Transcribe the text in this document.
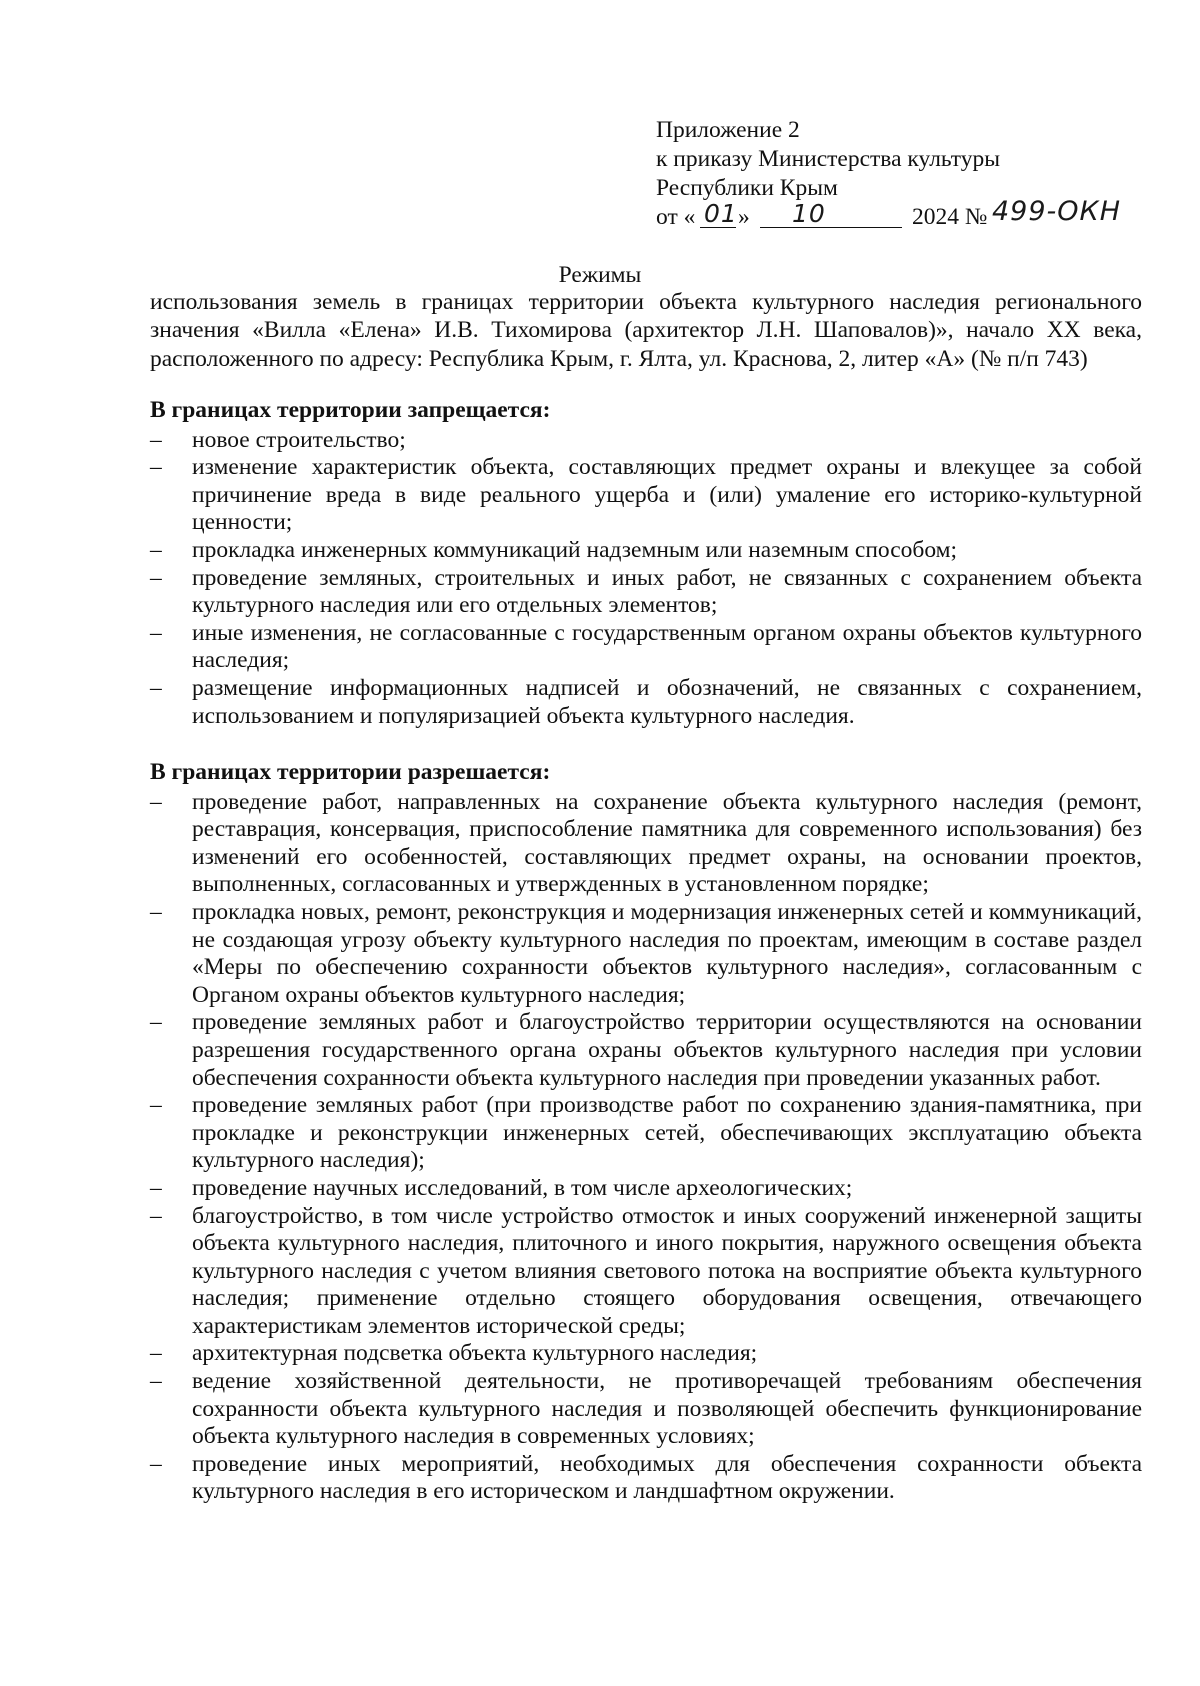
Приложение 2
к приказу Министерства культуры
Республики Крым
от « 01 » 10	2024 № 499-ОКН
Режимы
использования земель в границах территории объекта культурного наследия регионального значения «Вилла «Елена» И.В. Тихомирова (архитектор Л.Н. Шаповалов)», начало XX века, расположенного по адресу: Республика Крым, г. Ялта, ул. Краснова, 2, литер «А» (№ п/п 743)
В границах территории запрещается:
–	новое строительство;
–	изменение характеристик объекта, составляющих предмет охраны и влекущее за собой причинение вреда в виде реального ущерба и (или) умаление его историко-культурной ценности;
–	прокладка инженерных коммуникаций надземным или наземным способом;
–	проведение земляных, строительных и иных работ, не связанных с сохранением объекта культурного наследия или его отдельных элементов;
–	иные изменения, не согласованные с государственным органом охраны объектов культурного наследия;
–	размещение информационных надписей и обозначений, не связанных с сохранением, использованием и популяризацией объекта культурного наследия.
В границах территории разрешается:
–	проведение работ, направленных на сохранение объекта культурного наследия (ремонт, реставрация, консервация, приспособление памятника для современного использования) без изменений его особенностей, составляющих предмет охраны, на основании проектов, выполненных, согласованных и утвержденных в установленном порядке;
–	прокладка новых, ремонт, реконструкция и модернизация инженерных сетей и коммуникаций, не создающая угрозу объекту культурного наследия по проектам, имеющим в составе раздел «Меры по обеспечению сохранности объектов культурного наследия», согласованным с Органом охраны объектов культурного наследия;
–	проведение земляных работ и благоустройство территории осуществляются на основании разрешения государственного органа охраны объектов культурного наследия при условии обеспечения сохранности объекта культурного наследия при проведении указанных работ.
–	проведение земляных работ (при производстве работ по сохранению здания-памятника, при прокладке и реконструкции инженерных сетей, обеспечивающих эксплуатацию объекта культурного наследия);
–	проведение научных исследований, в том числе археологических;
–	благоустройство, в том числе устройство отмосток и иных сооружений инженерной защиты объекта культурного наследия, плиточного и иного покрытия, наружного освещения объекта культурного наследия с учетом влияния светового потока на восприятие объекта культурного наследия; применение отдельно стоящего оборудования освещения, отвечающего характеристикам элементов исторической среды;
–	архитектурная подсветка объекта культурного наследия;
–	ведение хозяйственной деятельности, не противоречащей требованиям обеспечения сохранности объекта культурного наследия и позволяющей обеспечить функционирование объекта культурного наследия в современных условиях;
–	проведение иных мероприятий, необходимых для обеспечения сохранности объекта культурного наследия в его историческом и ландшафтном окружении.
